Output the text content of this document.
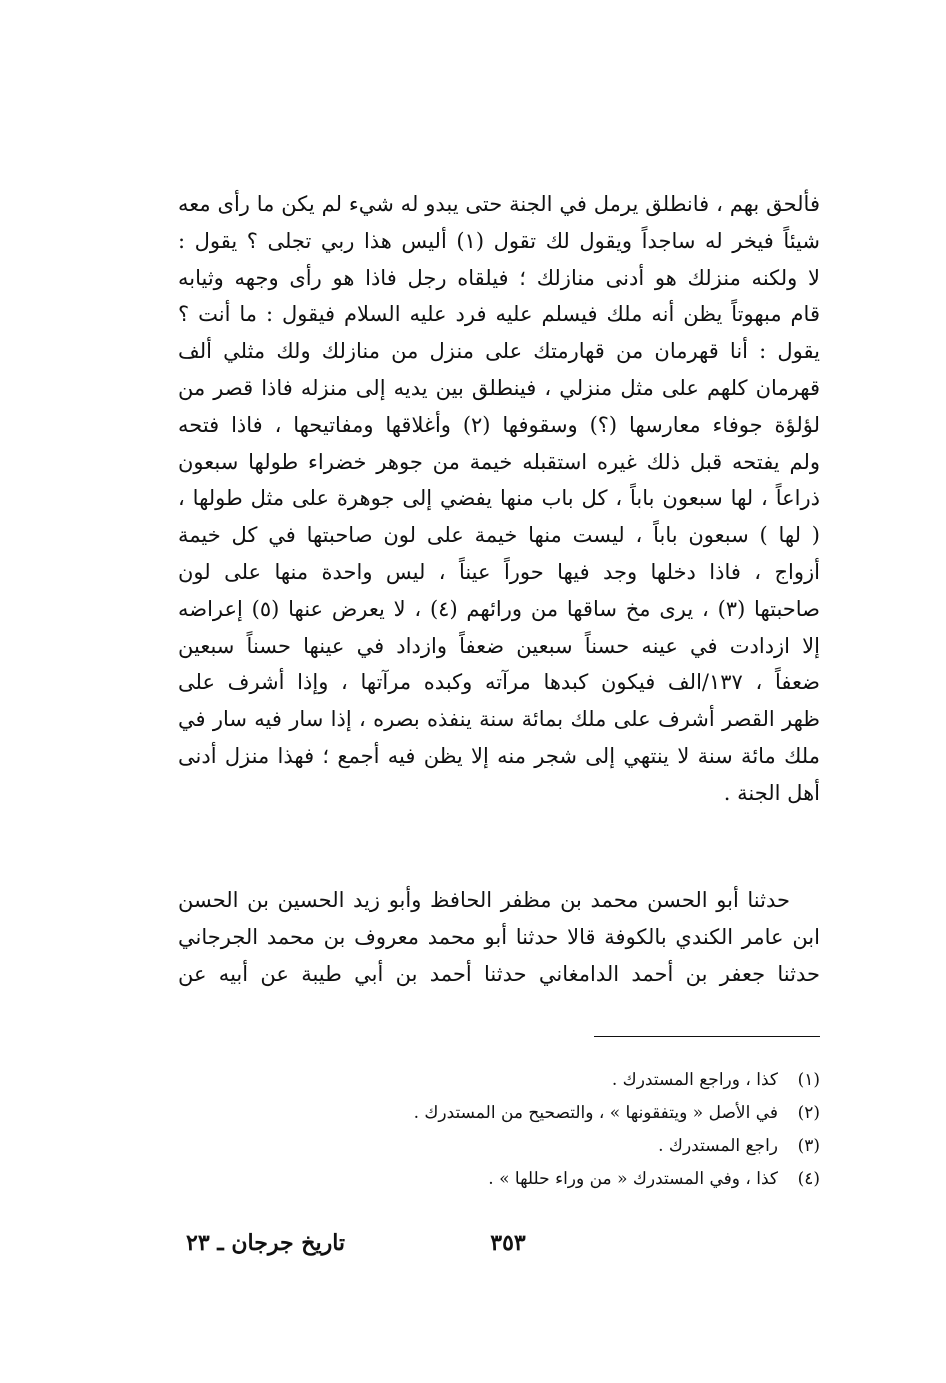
فألحق بهم ، فانطلق يرمل في الجنة حتى يبدو له شيء لم يكن ما رأى معه
شيئاً فيخر له ساجداً ويقول لك تقول (١) أليس هذا ربي تجلى ؟ يقول :
لا ولكنه منزلك هو أدنى منازلك ؛ فيلقاه رجل فاذا هو رأى وجهه وثيابه
قام مبهوتاً يظن أنه ملك فيسلم عليه فرد عليه السلام فيقول : ما أنت ؟
يقول : أنا قهرمان من قهارمتك على منزل من منازلك ولك مثلي ألف
قهرمان كلهم على مثل منزلي ، فينطلق بين يديه إلى منزله فاذا قصر من
لؤلؤة جوفاء معارسها (؟) وسقوفها (٢) وأغلاقها ومفاتيحها ، فاذا فتحه
ولم يفتحه قبل ذلك غيره استقبله خيمة من جوهر خضراء طولها سبعون
ذراعاً ، لها سبعون باباً ، كل باب منها يفضي إلى جوهرة على مثل طولها ،
( لها ) سبعون باباً ، ليست منها خيمة على لون صاحبتها في كل خيمة
أزواج ، فاذا دخلها وجد فيها حوراً عيناً ، ليس واحدة منها على لون
صاحبتها (٣) ، يرى مخ ساقها من ورائهم (٤) ، لا يعرض عنها (٥) إعراضه
إلا ازدادت في عينه حسناً سبعين ضعفاً وازداد في عينها حسناً سبعين
ضعفاً ، ١٣٧/الف فيكون كبدها مرآته وكبده مرآتها ، وإذا أشرف على
ظهر القصر أشرف على ملك بمائة سنة ينفذه بصره ، إذا سار فيه سار في
ملك مائة سنة لا ينتهي إلى شجر منه إلا يظن فيه أجمع ؛ فهذا منزل أدنى
أهل الجنة .
حدثنا أبو الحسن محمد بن مظفر الحافظ وأبو زيد الحسين بن الحسن
ابن عامر الكندي بالكوفة قالا حدثنا أبو محمد معروف بن محمد الجرجاني
حدثنا جعفر بن أحمد الدامغاني حدثنا أحمد بن أبي طيبة عن أبيه عن
(١)
كذا ، وراجع المستدرك .
(٢)
في الأصل « ويتفقونها » ، والتصحيح من المستدرك .
(٣)
راجع المستدرك .
(٤)
كذا ، وفي المستدرك « من وراء حللها » .
٣٥٣
تاريخ جرجان ـ ٢٣
